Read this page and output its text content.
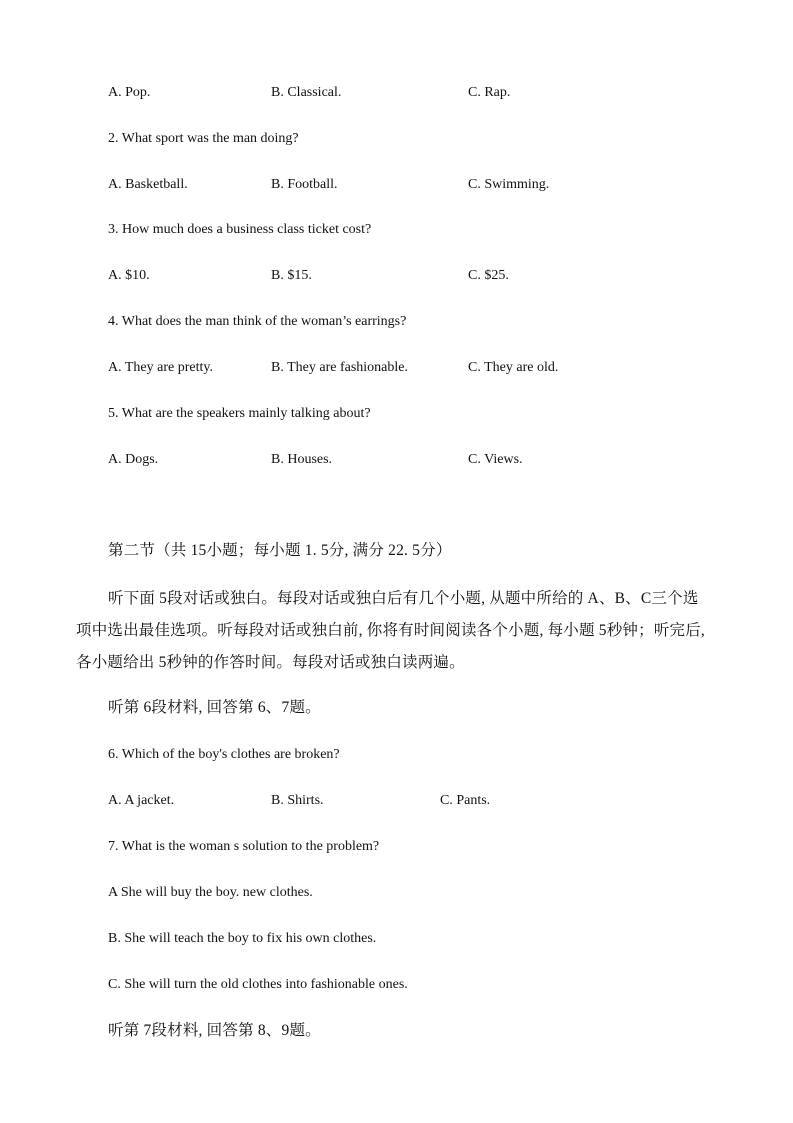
A. Pop.	B. Classical.	C. Rap.
2. What sport was the man doing?
A. Basketball.	B. Football.	C. Swimming.
3. How much does a business class ticket cost?
A. $10.	B. $15.	C. $25.
4. What does the man think of the woman’s earrings?
A. They are pretty.	B. They are fashionable.	C. They are old.
5. What are the speakers mainly talking about?
A. Dogs.	B. Houses.	C. Views.
第二节（共 15小题；每小题 1. 5分, 满分 22. 5分）
听下面 5段对话或独白。每段对话或独白后有几个小题, 从题中所给的 A、B、C三个选
项中选出最佳选项。听每段对话或独白前, 你将有时间阅读各个小题, 每小题 5秒钟；听完后,
各小题给出 5秒钟的作答时间。每段对话或独白读两遍。
听第 6段材料, 回答第 6、7题。
6. Which of the boy's clothes are broken?
A. A jacket.	B. Shirts.	C. Pants.
7. What is the woman s solution to the problem?
A She will buy the boy. new clothes.
B. She will teach the boy to fix his own clothes.
C. She will turn the old clothes into fashionable ones.
听第 7段材料, 回答第 8、9题。
